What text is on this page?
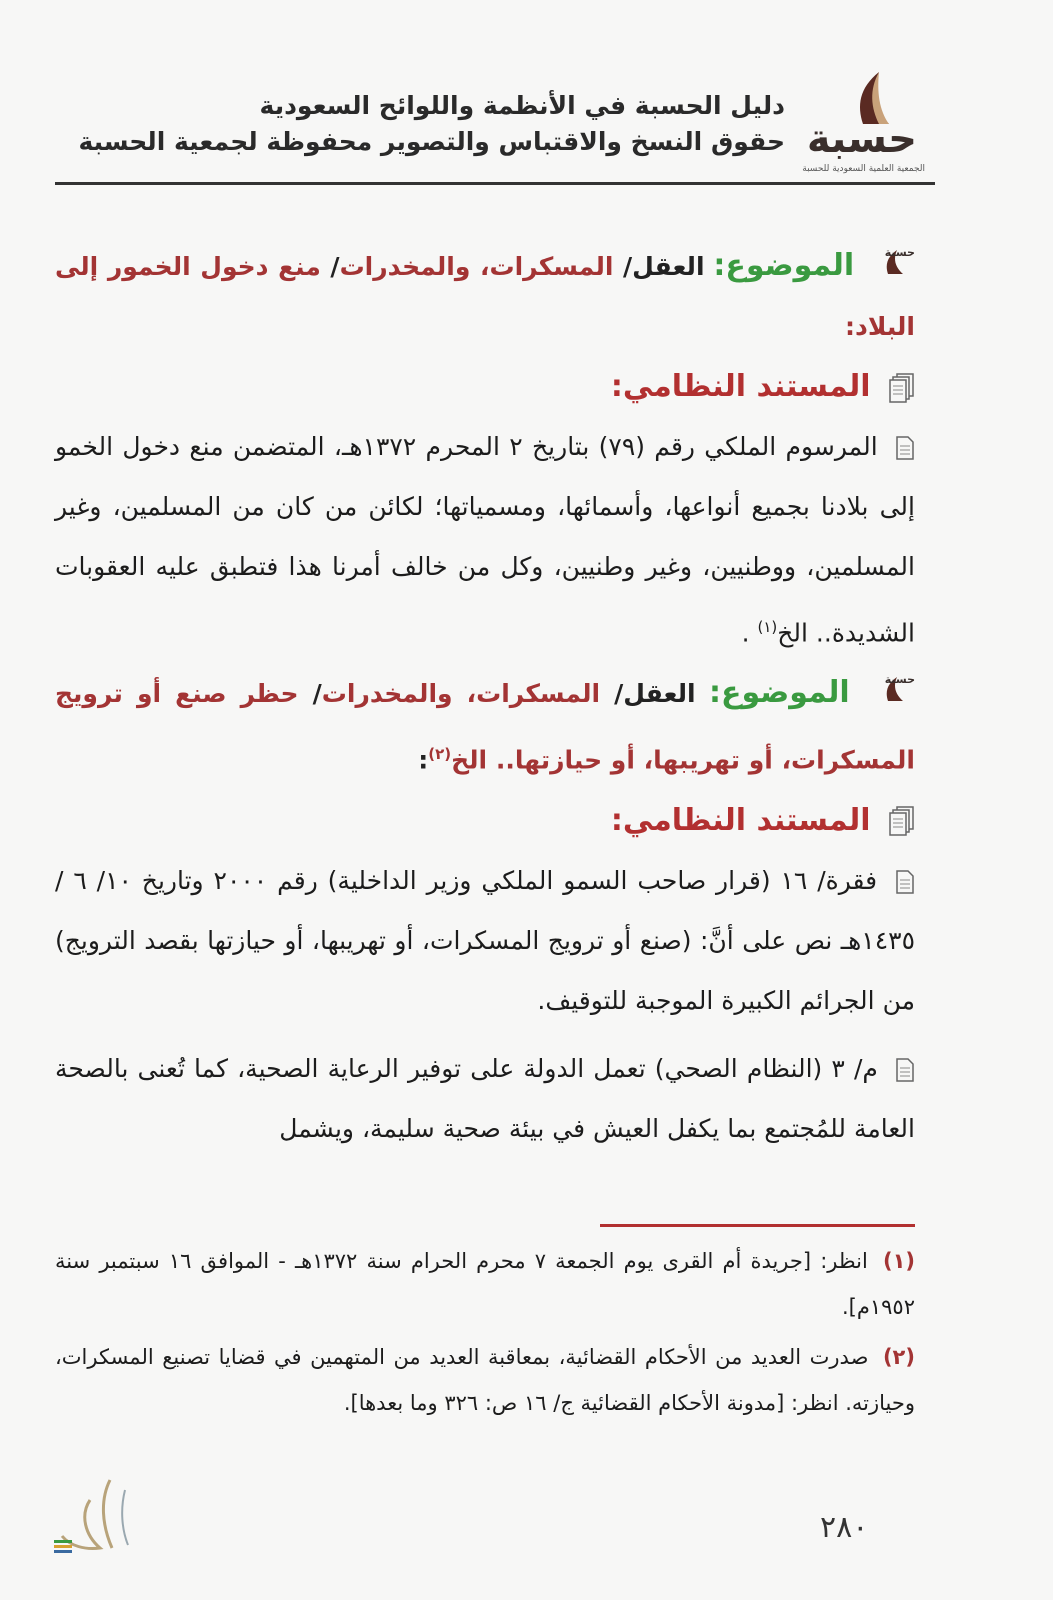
حسبة
الجمعية العلمية السعودية للحسبة
دليل الحسبة في الأنظمة واللوائح السعودية
حقوق النسخ والاقتباس والتصوير محفوظة لجمعية الحسبة

حسبة
الموضوع: العقل/ المسكرات، والمخدرات/ منع دخول الخمور إلى البلاد:

المستند النظامي:

المرسوم الملكي رقم (٧٩) بتاريخ ٢ المحرم ١٣٧٢هـ، المتضمن منع دخول الخمو إلى بلادنا بجميع أنواعها، وأسمائها، ومسمياتها؛ لكائن من كان من المسلمين، وغير المسلمين، ووطنيين، وغير وطنيين، وكل من خالف أمرنا هذا فتطبق عليه العقوبات الشديدة.. الخ$^{(١)}$ .

حسبة
الموضوع: العقل/ المسكرات، والمخدرات/ حظر صنع أو ترويج المسكرات، أو تهريبها، أو حيازتها.. الخ$^{(٢)}$:

المستند النظامي:

فقرة/ ١٦ (قرار صاحب السمو الملكي وزير الداخلية) رقم ٢٠٠٠ وتاريخ ١٠/ ٦ / ١٤٣٥هـ نص على أنَّ: (صنع أو ترويج المسكرات، أو تهريبها، أو حيازتها بقصد الترويج) من الجرائم الكبيرة الموجبة للتوقيف.

م/ ٣ (النظام الصحي) تعمل الدولة على توفير الرعاية الصحية، كما تُعنى بالصحة العامة للمُجتمع بما يكفل العيش في بيئة صحية سليمة، ويشمل

(١) انظر: [جريدة أم القرى يوم الجمعة ٧ محرم الحرام سنة ١٣٧٢هـ - الموافق ١٦ سبتمبر سنة ١٩٥٢م].

(٢) صدرت العديد من الأحكام القضائية، بمعاقبة العديد من المتهمين في قضايا تصنيع المسكرات، وحيازته. انظر: [مدونة الأحكام القضائية ج/ ١٦ ص: ٣٢٦ وما بعدها].

٢٨٠
